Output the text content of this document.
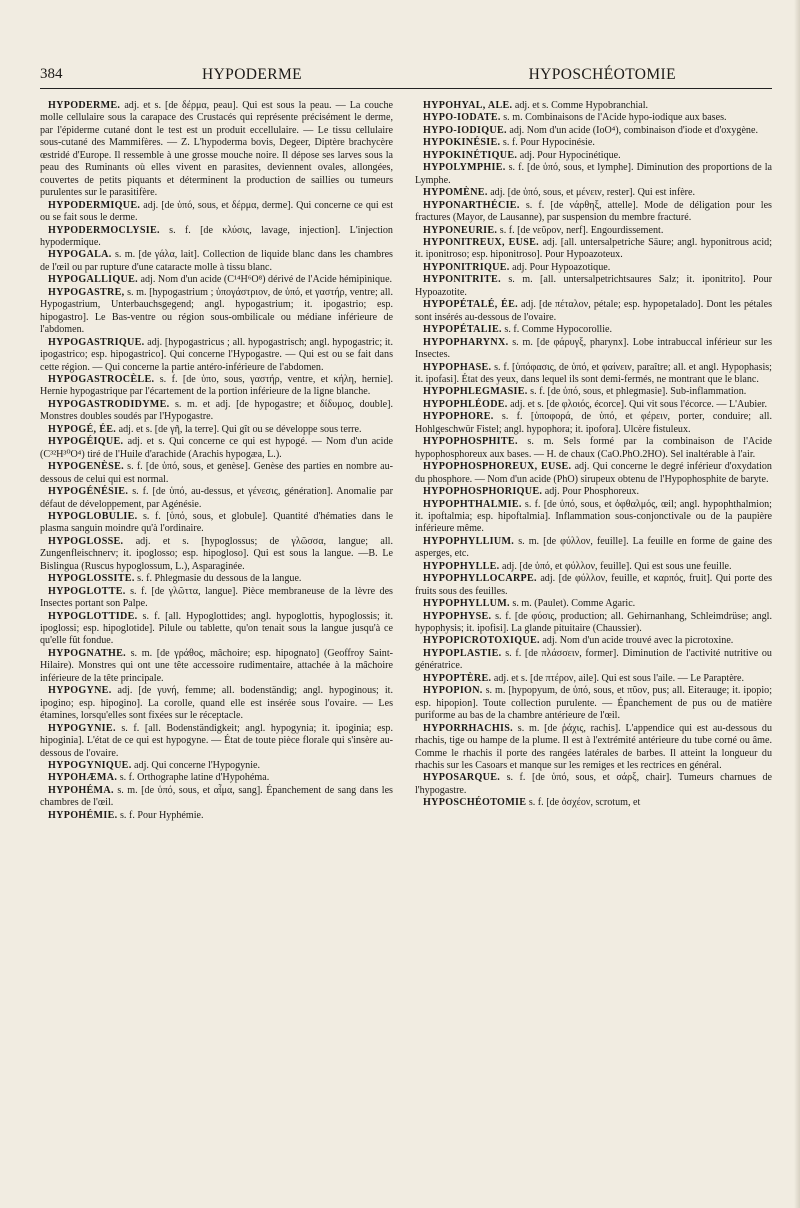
384	HYPODERME	HYPOSCHÉOTOMIE

HYPODERME. adj. et s. [de δέρμα, peau]. Qui est sous la peau. — La couche molle cellulaire sous la carapace des Crustacés qui représente précisément le derme, par l'épiderme cutané dont le test est un produit eccellulaire. — Le tissu cellulaire sous-cutané des Mammifères. — Z. L'hypoderma bovis, Degeer, Diptère brachycère œstridé d'Europe. Il ressemble à une grosse mouche noire. Il dépose ses larves sous la peau des Ruminants où elles vivent en parasites, deviennent ovales, allongées, couvertes de petits piquants et déterminent la production de saillies ou tumeurs purulentes sur le parasitifère.

HYPODERMIQUE. adj. [de ὑπό, sous, et δέρμα, derme]. Qui concerne ce qui est ou se fait sous le derme.

HYPODERMOCLYSIE. s. f. [de κλύσις, lavage, injection]. L'injection hypodermique.

HYPOGALA. s. m. [de γάλα, lait]. Collection de liquide blanc dans les chambres de l'œil ou par rupture d'une cataracte molle à tissu blanc.

HYPOGALLIQUE. adj. Nom d'un acide (C¹⁴H⁶O⁸) dérivé de l'Acide hémipinique.

HYPOGASTRE, s. m. [hypogastrium ; ὑπογάστριον, de ὑπό, et γαστήρ, ventre; all. Hypogastrium, Unterbauchsgegend; angl. hypogastrium; it. ipogastrio; esp. hipogastro]. Le Bas-ventre ou région sous-ombilicale ou médiane inférieure de l'abdomen.

HYPOGASTRIQUE. adj. [hypogastricus ; all. hypogastrisch; angl. hypogastric; it. ipogastrico; esp. hipogastrico]. Qui concerne l'Hypogastre. — Qui est ou se fait dans cette région. — Qui concerne la partie antéro-inférieure de l'abdomen.

HYPOGASTROCÈLE. s. f. [de ὑπο, sous, γαστήρ, ventre, et κήλη, hernie]. Hernie hypogastrique par l'écartement de la portion inférieure de la ligne blanche.

HYPOGASTRODIDYME. s. m. et adj. [de hypogastre; et δίδυμος, double]. Monstres doubles soudés par l'Hypogastre.

HYPOGÉ, ÉE. adj. et s. [de γῆ, la terre]. Qui gît ou se développe sous terre.

HYPOGÉIQUE. adj. et s. Qui concerne ce qui est hypogé. — Nom d'un acide (C³²H³⁰O⁴) tiré de l'Huile d'arachide (Arachis hypogæa, L.).

HYPOGENÈSE. s. f. [de ὑπό, sous, et genèse]. Genèse des parties en nombre au-dessous de celui qui est normal.

HYPOGÉNÉSIE. s. f. [de ὑπό, au-dessus, et γένεσις, génération]. Anomalie par défaut de développement, par Agénésie.

HYPOGLOBULIE. s. f. [ὑπό, sous, et globule]. Quantité d'hématies dans le plasma sanguin moindre qu'à l'ordinaire.

HYPOGLOSSE. adj. et s. [hypoglossus; de γλῶσσα, langue; all. Zungenfleischnerv; it. ipoglosso; esp. hipogloso]. Qui est sous la langue. —B. Le Bislingua (Ruscus hypoglossum, L.), Asparaginée.

HYPOGLOSSITE. s. f. Phlegmasie du dessous de la langue.

HYPOGLOTTE. s. f. [de γλῶττα, langue]. Pièce membraneuse de la lèvre des Insectes portant son Palpe.

HYPOGLOTTIDE. s. f. [all. Hypoglottides; angl. hypoglottis, hypoglossis; it. ipoglossi; esp. hipoglotide]. Pilule ou tablette, qu'on tenait sous la langue jusqu'à ce qu'elle fût fondue.

HYPOGNATHE. s. m. [de γράθος, mâchoire; esp. hipognato] (Geoffroy Saint-Hilaire). Monstres qui ont une tête accessoire rudimentaire, attachée à la mâchoire inférieure de la tête principale.

HYPOGYNE. adj. [de γυνή, femme; all. bodenständig; angl. hypoginous; it. ipogino; esp. hipogino]. La corolle, quand elle est insérée sous l'ovaire. — Les étamines, lorsqu'elles sont fixées sur le réceptacle.

HYPOGYNIE. s. f. [all. Bodenständigkeit; angl. hypogynia; it. ipoginia; esp. hipoginia]. L'état de ce qui est hypogyne. — État de toute pièce florale qui s'insère au-dessous de l'ovaire.

HYPOGYNIQUE. adj. Qui concerne l'Hypogynie.

HYPOHÆMA. s. f. Orthographe latine d'Hypohéma.

HYPOHÉMA. s. m. [de ὑπό, sous, et αἷμα, sang]. Épanchement de sang dans les chambres de l'œil.

HYPOHÉMIE. s. f. Pour Hyphémie.

HYPOHYAL, ALE. adj. et s. Comme Hypobranchial.

HYPO-IODATE. s. m. Combinaisons de l'Acide hypo-iodique aux bases.

HYPO-IODIQUE. adj. Nom d'un acide (IoO⁴), combinaison d'iode et d'oxygène.

HYPOKINÉSIE. s. f. Pour Hypocinésie.

HYPOKINÉTIQUE. adj. Pour Hypocinétique.

HYPOLYMPHIE. s. f. [de ὑπό, sous, et lymphe]. Diminution des proportions de la Lymphe.

HYPOMÈNE. adj. [de ὑπό, sous, et μένειν, rester]. Qui est infère.

HYPONARTHÉCIE. s. f. [de νάρθηξ, attelle]. Mode de déligation pour les fractures (Mayor, de Lausanne), par suspension du membre fracturé.

HYPONEURIE. s. f. [de νεῦρον, nerf]. Engourdissement.

HYPONITREUX, EUSE. adj. [all. untersalpetriche Säure; angl. hyponitrous acid; it. iponitroso; esp. hiponitroso]. Pour Hypoazoteux.

HYPONITRIQUE. adj. Pour Hypoazotique.

HYPONITRITE. s. m. [all. untersalpetrichtsaures Salz; it. iponitrito]. Pour Hypoazotite.

HYPOPÉTALÉ, ÉE. adj. [de πέταλον, pétale; esp. hypopetalado]. Dont les pétales sont insérés au-dessous de l'ovaire.

HYPOPÉTALIE. s. f. Comme Hypocorollie.

HYPOPHARYNX. s. m. [de φάρυγξ, pharynx]. Lobe intrabuccal inférieur sur les Insectes.

HYPOPHASE. s. f. [ὑπόφασις, de ὑπό, et φαίνειν, paraître; all. et angl. Hypophasis; it. ipofasi]. État des yeux, dans lequel ils sont demi-fermés, ne montrant que le blanc.

HYPOPHLEGMASIE. s. f. [de ὑπό, sous, et phlegmasie]. Sub-inflammation.

HYPOPHLÉODE. adj. et s. [de φλοιός, écorce]. Qui vit sous l'écorce. — L'Aubier.

HYPOPHORE. s. f. [ὑποφορά, de ὑπό, et φέρειν, porter, conduire; all. Hohlgeschwür Fistel; angl. hypophora; it. ipofora]. Ulcère fistuleux.

HYPOPHOSPHITE. s. m. Sels formé par la combinaison de l'Acide hypophosphoreux aux bases. — H. de chaux (CaO.PhO.2HO). Sel inaltérable à l'air.

HYPOPHOSPHOREUX, EUSE. adj. Qui concerne le degré inférieur d'oxydation du phosphore. — Nom d'un acide (PhO) sirupeux obtenu de l'Hypophosphite de baryte.

HYPOPHOSPHORIQUE. adj. Pour Phosphoreux.

HYPOPHTHALMIE. s. f. [de ὑπό, sous, et ὀφθαλμός, œil; angl. hypophthalmion; it. ipoftalmia; esp. hipoftalmia]. Inflammation sous-conjonctivale ou de la paupière inférieure même.

HYPOPHYLLIUM. s. m. [de φύλλον, feuille]. La feuille en forme de gaine des asperges, etc.

HYPOPHYLLE. adj. [de ὑπό, et φύλλον, feuille]. Qui est sous une feuille.

HYPOPHYLLOCARPE. adj. [de φύλλον, feuille, et καρπός, fruit]. Qui porte des fruits sous des feuilles.

HYPOPHYLLUM. s. m. (Paulet). Comme Agaric.

HYPOPHYSE. s. f. [de φύσις, production; all. Gehirnanhang, Schleimdrüse; angl. hypophysis; it. ipofisi]. La glande pituitaire (Chaussier).

HYPOPICROTOXIQUE. adj. Nom d'un acide trouvé avec la picrotoxine.

HYPOPLASTIE. s. f. [de πλάσσειν, former]. Diminution de l'activité nutritive ou génératrice.

HYPOPTÈRE. adj. et s. [de πτέρον, aile]. Qui est sous l'aile. — Le Paraptère.

HYPOPION. s. m. [hypopyum, de ὑπό, sous, et πῦον, pus; all. Eiterauge; it. ipopio; esp. hipopion]. Toute collection purulente. — Épanchement de pus ou de matière puriforme au bas de la chambre antérieure de l'œil.

HYPORRHACHIS. s. m. [de ῥάχις, rachis]. L'appendice qui est au-dessous du rhachis, tige ou hampe de la plume. Il est à l'extrémité antérieure du tube corné ou âme. Comme le rhachis il porte des rangées latérales de barbes. Il atteint la longueur du rhachis sur les Casoars et manque sur les remiges et les rectrices en général.

HYPOSARQUE. s. f. [de ὑπό, sous, et σάρξ, chair]. Tumeurs charnues de l'hypogastre.

HYPOSCHÉOTOMIE s. f. [de ὀσχέον, scrotum, et
